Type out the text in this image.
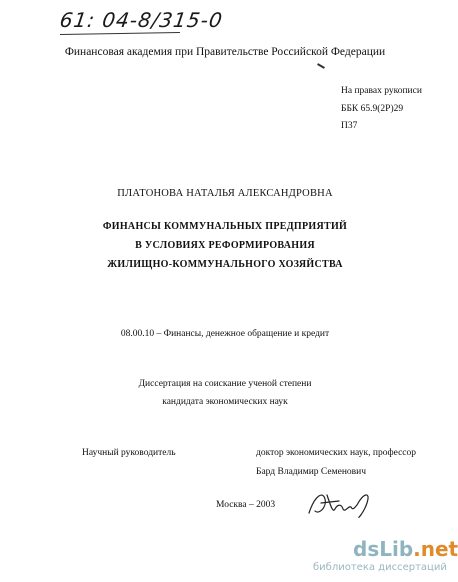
61: 04-8/315-0
Финансовая академия при Правительстве Российской Федерации
На правах рукописи
ББК 65.9(2Р)29
П37
ПЛАТОНОВА НАТАЛЬЯ АЛЕКСАНДРОВНА
ФИНАНСЫ КОММУНАЛЬНЫХ ПРЕДПРИЯТИЙ
В УСЛОВИЯХ РЕФОРМИРОВАНИЯ
ЖИЛИЩНО-КОММУНАЛЬНОГО ХОЗЯЙСТВА
08.00.10 – Финансы, денежное обращение и кредит
Диссертация на соискание ученой степени
кандидата экономических наук
Научный руководитель	доктор экономических наук, профессор
Бард Владимир Семенович
Москва – 2003
dsLib.net
библиотека диссертаций
